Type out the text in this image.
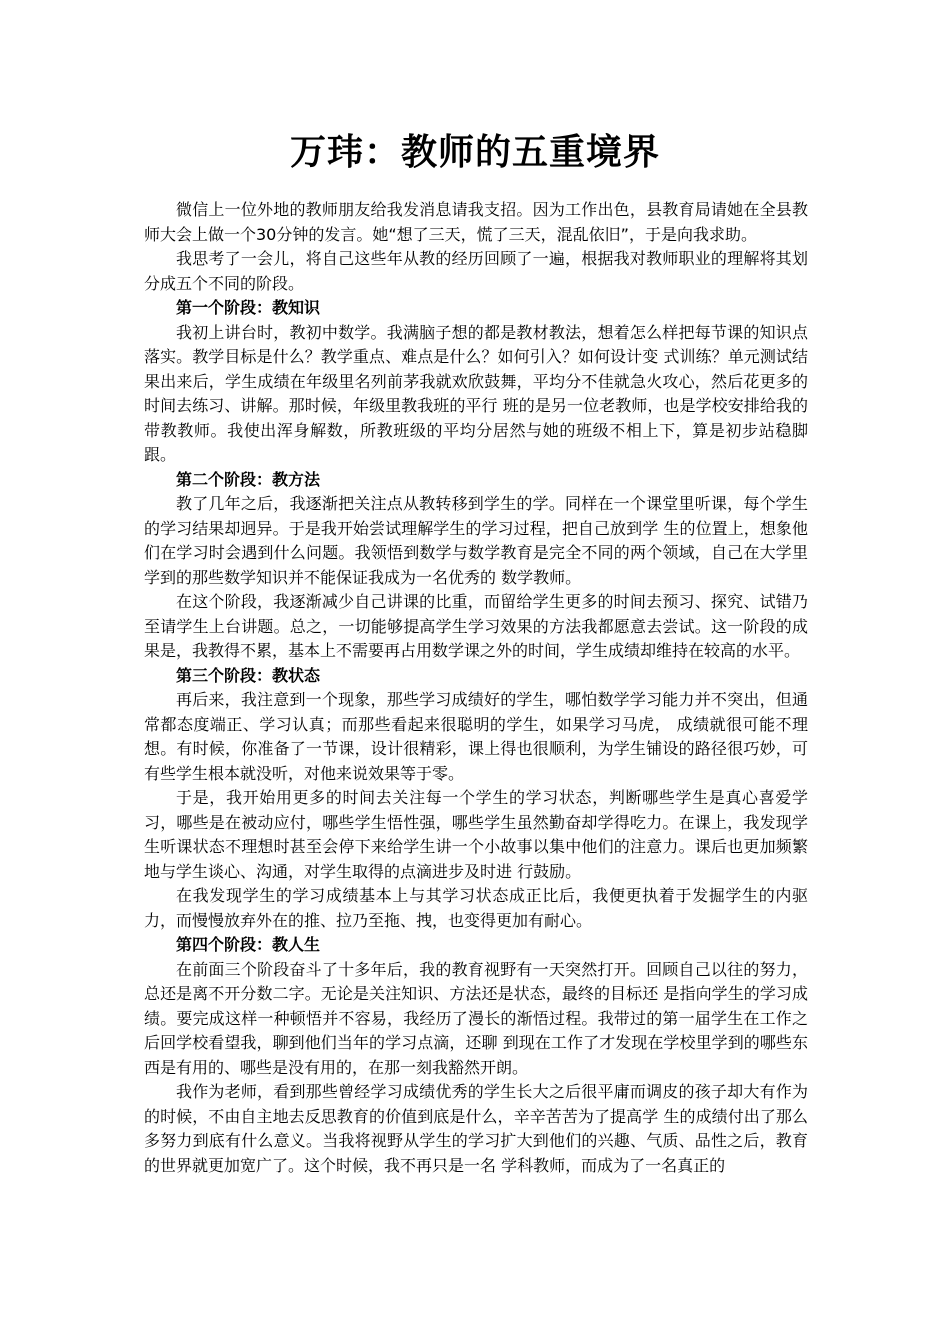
万玮：教师的五重境界

微信上一位外地的教师朋友给我发消息请我支招。因为工作出色，县教育局请她在全县教师大会上做一个30分钟的发言。她“想了三天，慌了三天，混乱依旧”，于是向我求助。

我思考了一会儿，将自己这些年从教的经历回顾了一遍，根据我对教师职业的理解将其划分成五个不同的阶段。

第一个阶段：教知识

我初上讲台时，教初中数学。我满脑子想的都是教材教法，想着怎么样把每节课的知识点落实。教学目标是什么？教学重点、难点是什么？如何引入？如何设计变 式训练？单元测试结果出来后，学生成绩在年级里名列前茅我就欢欣鼓舞，平均分不佳就急火攻心，然后花更多的时间去练习、讲解。那时候，年级里教我班的平行 班的是另一位老教师，也是学校安排给我的带教教师。我使出浑身解数，所教班级的平均分居然与她的班级不相上下，算是初步站稳脚跟。

第二个阶段：教方法

教了几年之后，我逐渐把关注点从教转移到学生的学。同样在一个课堂里听课，每个学生的学习结果却迥异。于是我开始尝试理解学生的学习过程，把自己放到学 生的位置上，想象他们在学习时会遇到什么问题。我领悟到数学与数学教育是完全不同的两个领域，自己在大学里学到的那些数学知识并不能保证我成为一名优秀的 数学教师。

在这个阶段，我逐渐减少自己讲课的比重，而留给学生更多的时间去预习、探究、试错乃至请学生上台讲题。总之，一切能够提高学生学习效果的方法我都愿意去尝试。这一阶段的成果是，我教得不累，基本上不需要再占用数学课之外的时间，学生成绩却维持在较高的水平。

第三个阶段：教状态

再后来，我注意到一个现象，那些学习成绩好的学生，哪怕数学学习能力并不突出，但通常都态度端正、学习认真；而那些看起来很聪明的学生，如果学习马虎， 成绩就很可能不理想。有时候，你准备了一节课，设计很精彩，课上得也很顺利，为学生铺设的路径很巧妙，可有些学生根本就没听，对他来说效果等于零。

于是，我开始用更多的时间去关注每一个学生的学习状态，判断哪些学生是真心喜爱学习，哪些是在被动应付，哪些学生悟性强，哪些学生虽然勤奋却学得吃力。在课上，我发现学生听课状态不理想时甚至会停下来给学生讲一个小故事以集中他们的注意力。课后也更加频繁地与学生谈心、沟通，对学生取得的点滴进步及时进 行鼓励。

在我发现学生的学习成绩基本上与其学习状态成正比后，我便更执着于发掘学生的内驱力，而慢慢放弃外在的推、拉乃至拖、拽，也变得更加有耐心。

第四个阶段：教人生

在前面三个阶段奋斗了十多年后，我的教育视野有一天突然打开。回顾自己以往的努力，总还是离不开分数二字。无论是关注知识、方法还是状态，最终的目标还 是指向学生的学习成绩。要完成这样一种顿悟并不容易，我经历了漫长的渐悟过程。我带过的第一届学生在工作之后回学校看望我，聊到他们当年的学习点滴，还聊 到现在工作了才发现在学校里学到的哪些东西是有用的、哪些是没有用的，在那一刻我豁然开朗。

我作为老师，看到那些曾经学习成绩优秀的学生长大之后很平庸而调皮的孩子却大有作为的时候，不由自主地去反思教育的价值到底是什么，辛辛苦苦为了提高学 生的成绩付出了那么多努力到底有什么意义。当我将视野从学生的学习扩大到他们的兴趣、气质、品性之后，教育的世界就更加宽广了。这个时候，我不再只是一名 学科教师，而成为了一名真正的
